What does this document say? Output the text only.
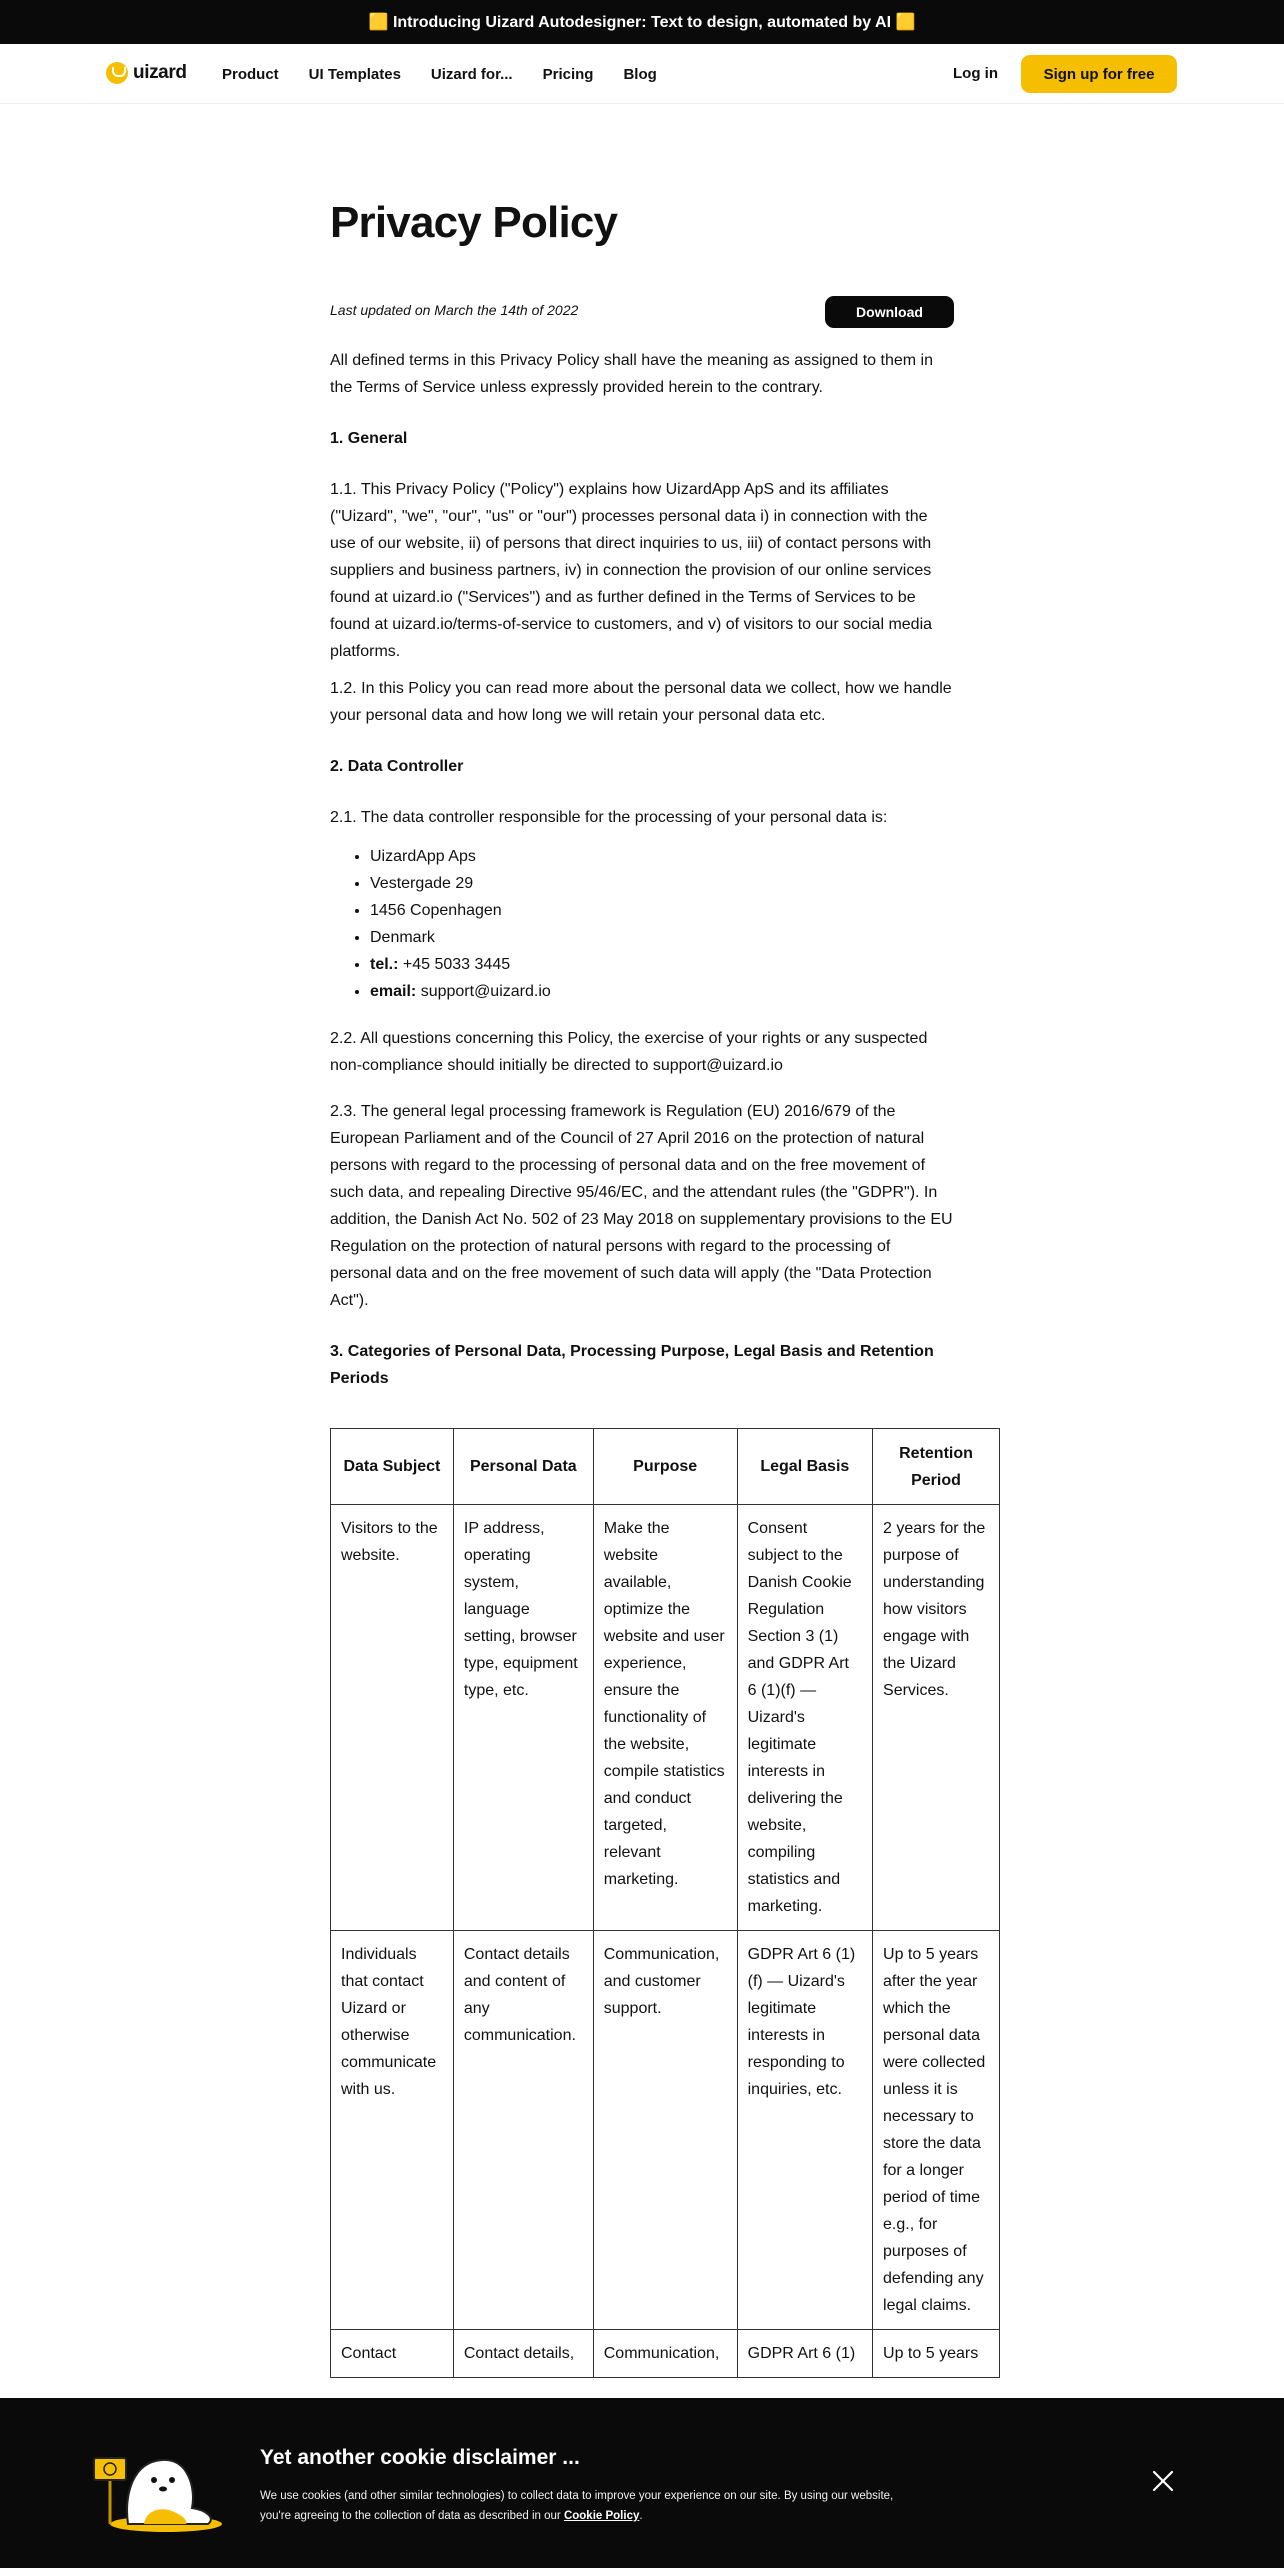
🟨 Introducing Uizard Autodesigner: Text to design, automated by AI 🟨
uizard Product UI Templates Uizard for... Pricing Blog	Log in	Sign up for free
Privacy Policy
Last updated on March the 14th of 2022	Download

All defined terms in this Privacy Policy shall have the meaning as assigned to them in the Terms of Service unless expressly provided herein to the contrary.

1. General

1.1. This Privacy Policy ("Policy") explains how UizardApp ApS and its affiliates ("Uizard", "we", "our", "us" or "our") processes personal data i) in connection with the use of our website, ii) of persons that direct inquiries to us, iii) of contact persons with suppliers and business partners, iv) in connection the provision of our online services found at uizard.io ("Services") and as further defined in the Terms of Services to be found at uizard.io/terms-of-service to customers, and v) of visitors to our social media platforms.

1.2. In this Policy you can read more about the personal data we collect, how we handle your personal data and how long we will retain your personal data etc.

2. Data Controller

2.1. The data controller responsible for the processing of your personal data is:

• UizardApp Aps
• Vestergade 29
• 1456 Copenhagen
• Denmark
• tel.: +45 5033 3445
• email: support@uizard.io

2.2. All questions concerning this Policy, the exercise of your rights or any suspected non-compliance should initially be directed to support@uizard.io

2.3. The general legal processing framework is Regulation (EU) 2016/679 of the European Parliament and of the Council of 27 April 2016 on the protection of natural persons with regard to the processing of personal data and on the free movement of such data, and repealing Directive 95/46/EC, and the attendant rules (the "GDPR"). In addition, the Danish Act No. 502 of 23 May 2018 on supplementary provisions to the EU Regulation on the protection of natural persons with regard to the processing of personal data and on the free movement of such data will apply (the "Data Protection Act").

3. Categories of Personal Data, Processing Purpose, Legal Basis and Retention Periods
Data Subject	Personal Data	Purpose	Legal Basis	Retention Period
Visitors to the website.	IP address, operating system, language setting, browser type, equipment type, etc.	Make the website available, optimize the website and user experience, ensure the functionality of the website, compile statistics and conduct targeted, relevant marketing.	Consent subject to the Danish Cookie Regulation Section 3 (1) and GDPR Art 6 (1)(f) — Uizard's legitimate interests in delivering the website, compiling statistics and marketing.	2 years for the purpose of understanding how visitors engage with the Uizard Services.
Individuals that contact Uizard or otherwise communicate with us.	Contact details and content of any communication.	Communication, and customer support.	GDPR Art 6 (1)(f) — Uizard's legitimate interests in responding to inquiries, etc.	Up to 5 years after the year which the personal data were collected unless it is necessary to store the data for a longer period of time e.g., for purposes of defending any legal claims.
Contact	Contact details,	Communication,	GDPR Art 6 (1)	Up to 5 years
Yet another cookie disclaimer ...
We use cookies (and other similar technologies) to collect data to improve your experience on our site. By using our website, you're agreeing to the collection of data as described in our Cookie Policy.
